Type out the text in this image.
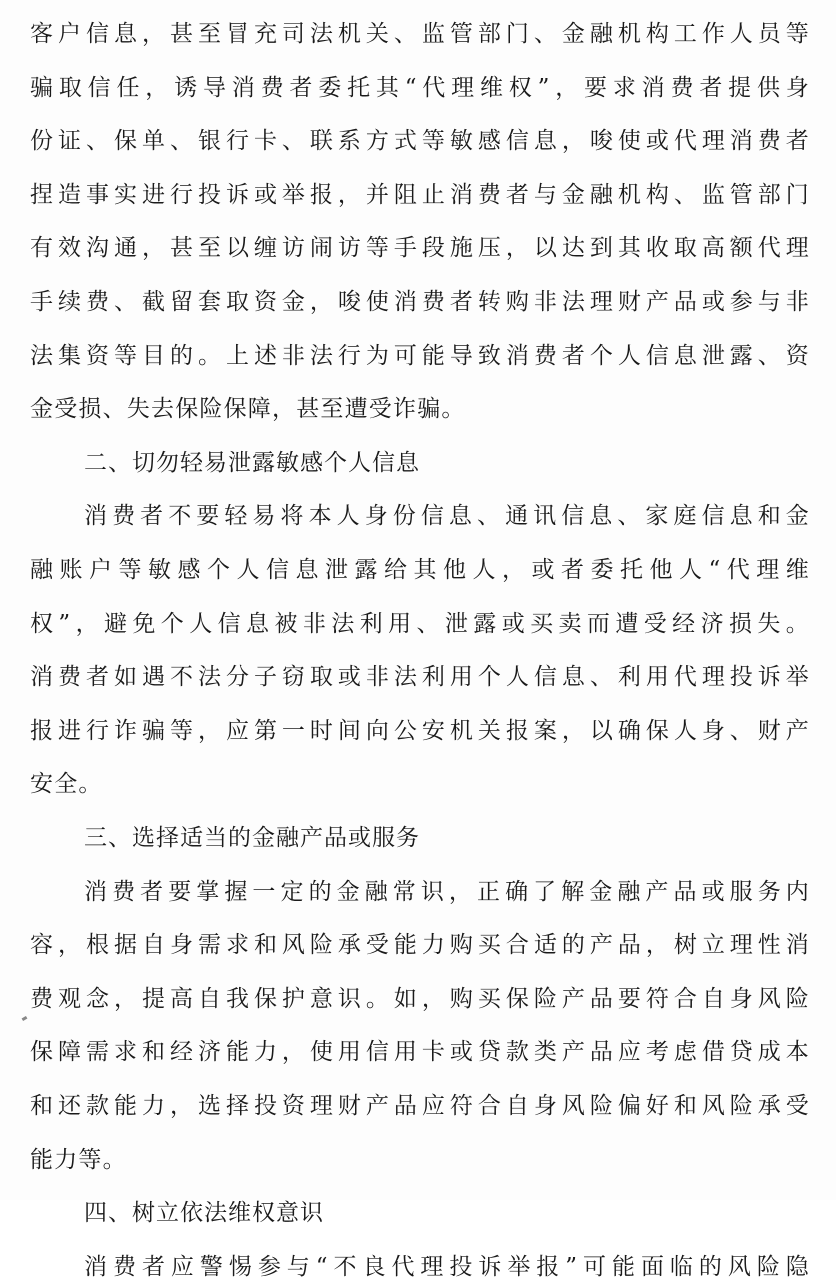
客户信息，甚至冒充司法机关、监管部门、金融机构工作人员等
骗取信任，诱导消费者委托其“代理维权”，要求消费者提供身
份证、保单、银行卡、联系方式等敏感信息，唆使或代理消费者
捏造事实进行投诉或举报，并阻止消费者与金融机构、监管部门
有效沟通，甚至以缠访闹访等手段施压，以达到其收取高额代理
手续费、截留套取资金，唆使消费者转购非法理财产品或参与非
法集资等目的。上述非法行为可能导致消费者个人信息泄露、资
金受损、失去保险保障，甚至遭受诈骗。
二、切勿轻易泄露敏感个人信息
消费者不要轻易将本人身份信息、通讯信息、家庭信息和金
融账户等敏感个人信息泄露给其他人，或者委托他人“代理维
权”，避免个人信息被非法利用、泄露或买卖而遭受经济损失。
消费者如遇不法分子窃取或非法利用个人信息、利用代理投诉举
报进行诈骗等，应第一时间向公安机关报案，以确保人身、财产
安全。
三、选择适当的金融产品或服务
消费者要掌握一定的金融常识，正确了解金融产品或服务内
容，根据自身需求和风险承受能力购买合适的产品，树立理性消
费观念，提高自我保护意识。如，购买保险产品要符合自身风险
保障需求和经济能力，使用信用卡或贷款类产品应考虑借贷成本
和还款能力，选择投资理财产品应符合自身风险偏好和风险承受
能力等。
四、树立依法维权意识
消费者应警惕参与“不良代理投诉举报”可能面临的风险隐
